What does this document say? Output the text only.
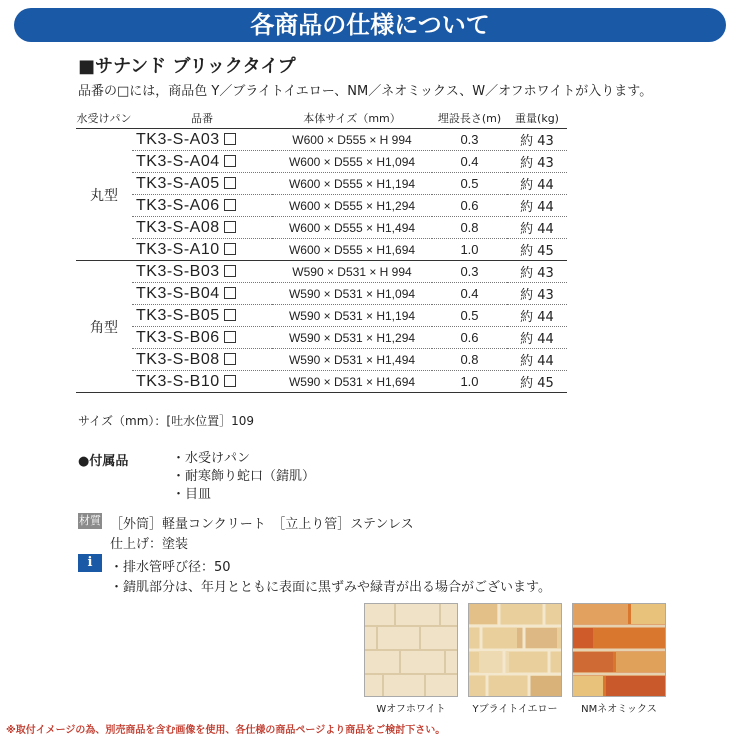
各商品の仕様について
■サナンド ブリックタイプ
品番の□には，商品色 Y／ブライトイエロー、NM／ネオミックス、W／オフホワイトが入ります。
水受けパン	品番	本体サイズ（mm）	埋設長さ(m)	重量(kg)
丸型	TK3-S-A03	W600 × D555 × H 994	0.3	約 43
	TK3-S-A04	W600 × D555 × H1,094	0.4	約 43
	TK3-S-A05	W600 × D555 × H1,194	0.5	約 44
	TK3-S-A06	W600 × D555 × H1,294	0.6	約 44
	TK3-S-A08	W600 × D555 × H1,494	0.8	約 44
	TK3-S-A10	W600 × D555 × H1,694	1.0	約 45
角型	TK3-S-B03	W590 × D531 × H 994	0.3	約 43
	TK3-S-B04	W590 × D531 × H1,094	0.4	約 43
	TK3-S-B05	W590 × D531 × H1,194	0.5	約 44
	TK3-S-B06	W590 × D531 × H1,294	0.6	約 44
	TK3-S-B08	W590 × D531 × H1,494	0.8	約 44
	TK3-S-B10	W590 × D531 × H1,694	1.0	約 45
サイズ（mm）：[吐水位置］109
●付属品	・水受けパン
・耐寒飾り蛇口（錆肌）
・目皿
材質 ［外筒］軽量コンクリート　［立上り管］ステンレス
仕上げ：塗装
i	・排水管呼び径：50
・錆肌部分は、年月とともに表面に黒ずみや緑青が出る場合がございます。
Wオフホワイト	Yブライトイエロー	NMネオミックス
※取付イメージの為、別売商品を含む画像を使用、各仕様の商品ページより商品をご検討下さい。
